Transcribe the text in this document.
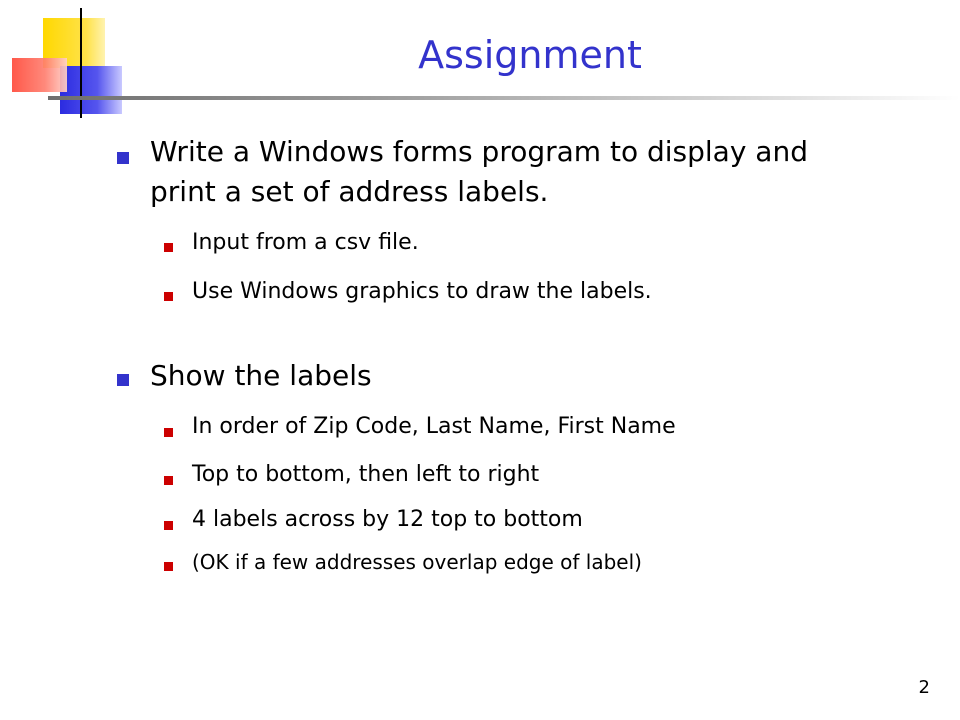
Assignment
Write a Windows forms program to display and print a set of address labels.
Input from a csv file.
Use Windows graphics to draw the labels.
Show the labels
In order of Zip Code, Last Name, First Name
Top to bottom, then left to right
4 labels across by 12 top to bottom
(OK if a few addresses overlap edge of label)
2
